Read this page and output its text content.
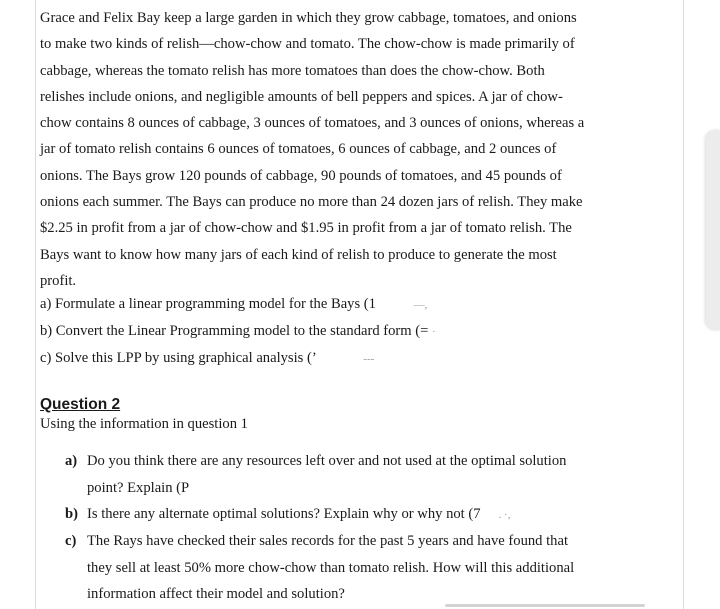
Grace and Felix Bay keep a large garden in which they grow cabbage, tomatoes, and onions
to make two kinds of relish—chow-chow and tomato. The chow-chow is made primarily of
cabbage, whereas the tomato relish has more tomatoes than does the chow-chow. Both
relishes include onions, and negligible amounts of bell peppers and spices. A jar of chow-
chow contains 8 ounces of cabbage, 3 ounces of tomatoes, and 3 ounces of onions, whereas a
jar of tomato relish contains 6 ounces of tomatoes, 6 ounces of cabbage, and 2 ounces of
onions. The Bays grow 120 pounds of cabbage, 90 pounds of tomatoes, and 45 pounds of
onions each summer. The Bays can produce no more than 24 dozen jars of relish. They make
$2.25 in profit from a jar of chow-chow and $1.95 in profit from a jar of tomato relish. The
Bays want to know how many jars of each kind of relish to produce to generate the most
profit.
a) Formulate a linear programming model for the Bays (1	—,
b) Convert the Linear Programming model to the standard form (= ·
c) Solve this LPP by using graphical analysis (’	---
Question 2
Using the information in question 1
a) Do you think there are any resources left over and not used at the optimal solution
point? Explain (P
b) Is there any alternate optimal solutions? Explain why or why not (7 . ·,
c) The Rays have checked their sales records for the past 5 years and have found that
they sell at least 50% more chow-chow than tomato relish. How will this additional
information affect their model and solution?
